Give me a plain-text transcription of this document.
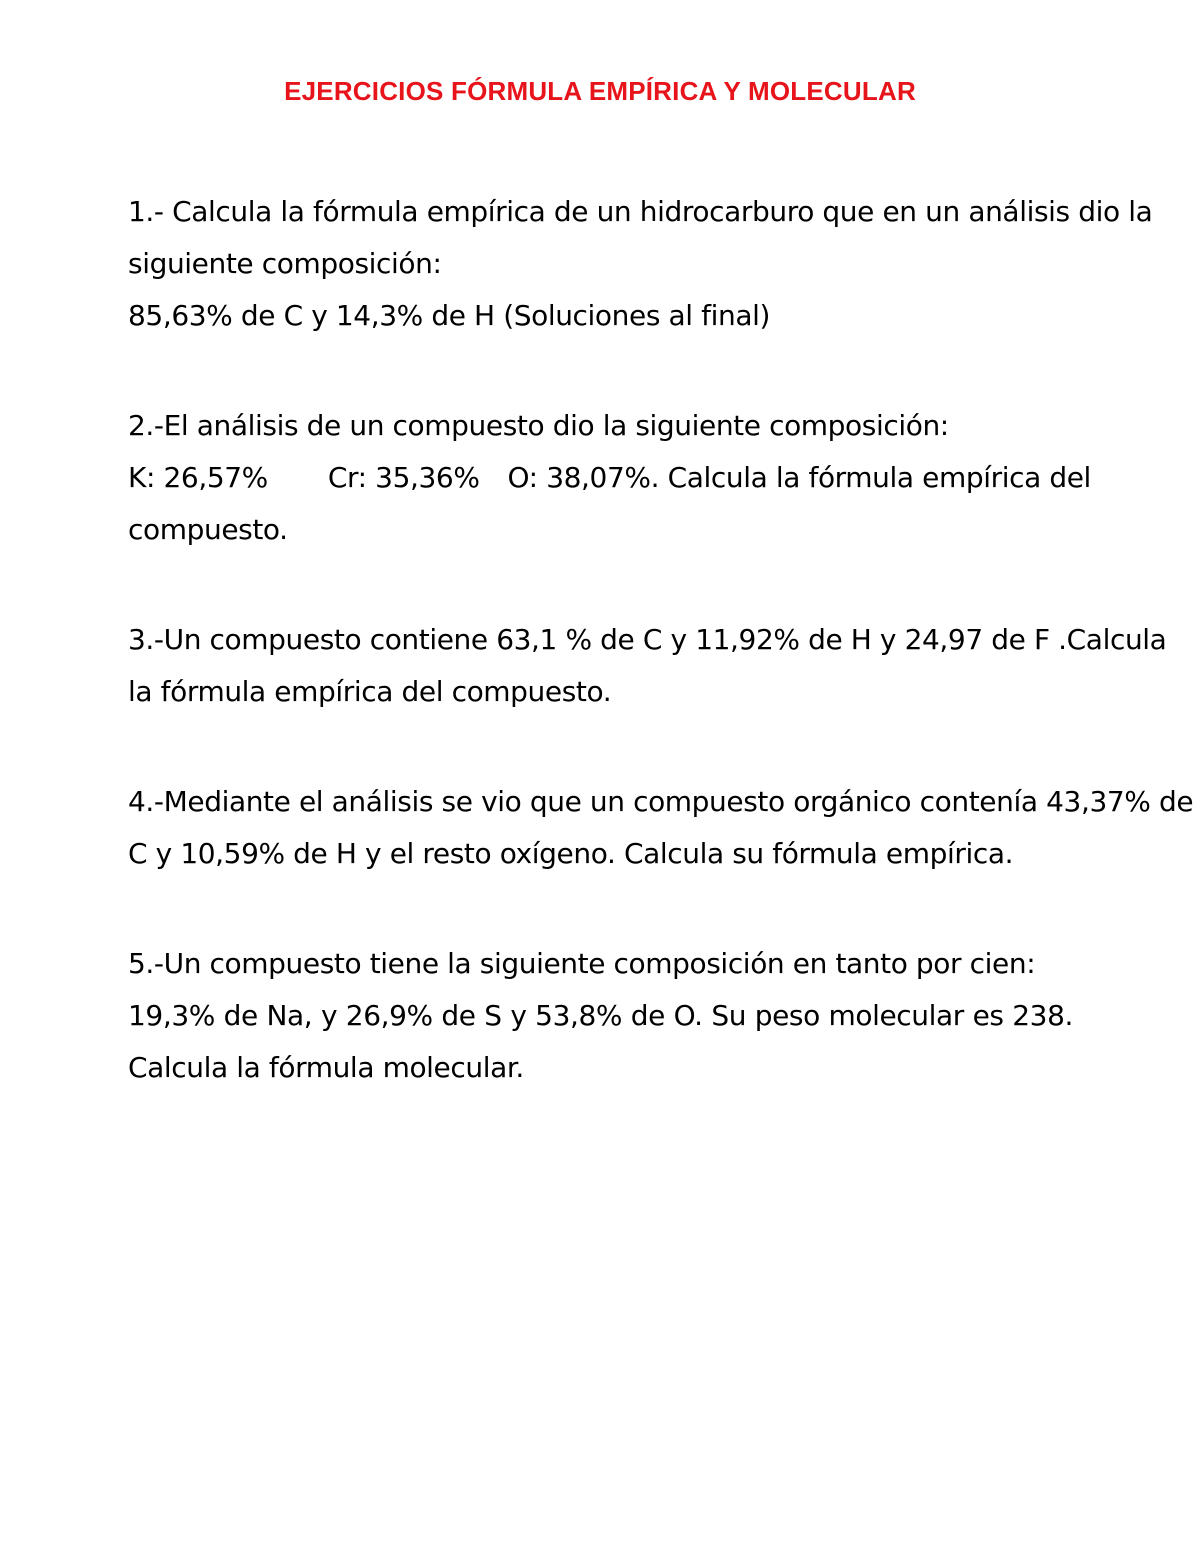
EJERCICIOS FÓRMULA EMPÍRICA Y MOLECULAR
1.- Calcula la fórmula empírica de un hidrocarburo que en un análisis dio la
siguiente composición:
85,63% de C y 14,3% de H (Soluciones al final)
2.-El análisis de un compuesto dio la siguiente composición:
K: 26,57% Cr: 35,36% O: 38,07%. Calcula la fórmula empírica del
compuesto.
3.-Un compuesto contiene 63,1 % de C y 11,92% de H y 24,97 de F .Calcula
la fórmula empírica del compuesto.
4.-Mediante el análisis se vio que un compuesto orgánico contenía 43,37% de
C y 10,59% de H y el resto oxígeno. Calcula su fórmula empírica.
5.-Un compuesto tiene la siguiente composición en tanto por cien:
19,3% de Na, y 26,9% de S y 53,8% de O. Su peso molecular es 238.
Calcula la fórmula molecular.
